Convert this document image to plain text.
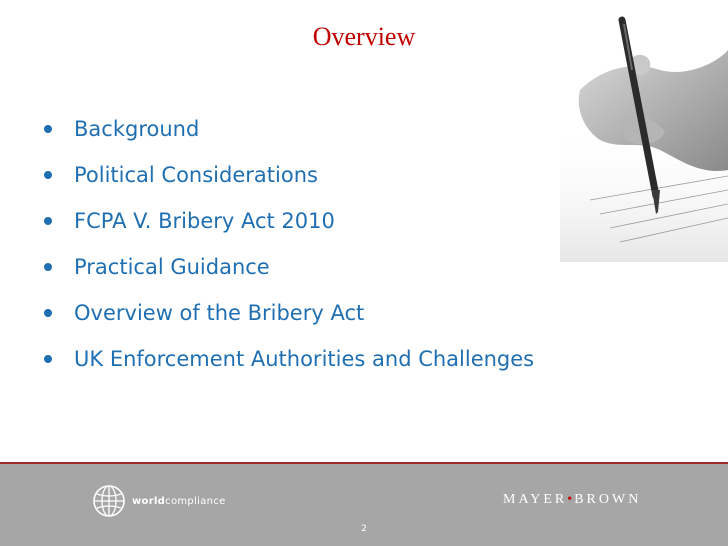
Overview
Background
Political Considerations
FCPA V. Bribery Act 2010
Practical Guidance
Overview of the Bribery Act
UK Enforcement Authorities and Challenges
worldcompliance	MAYER•BROWN
2
